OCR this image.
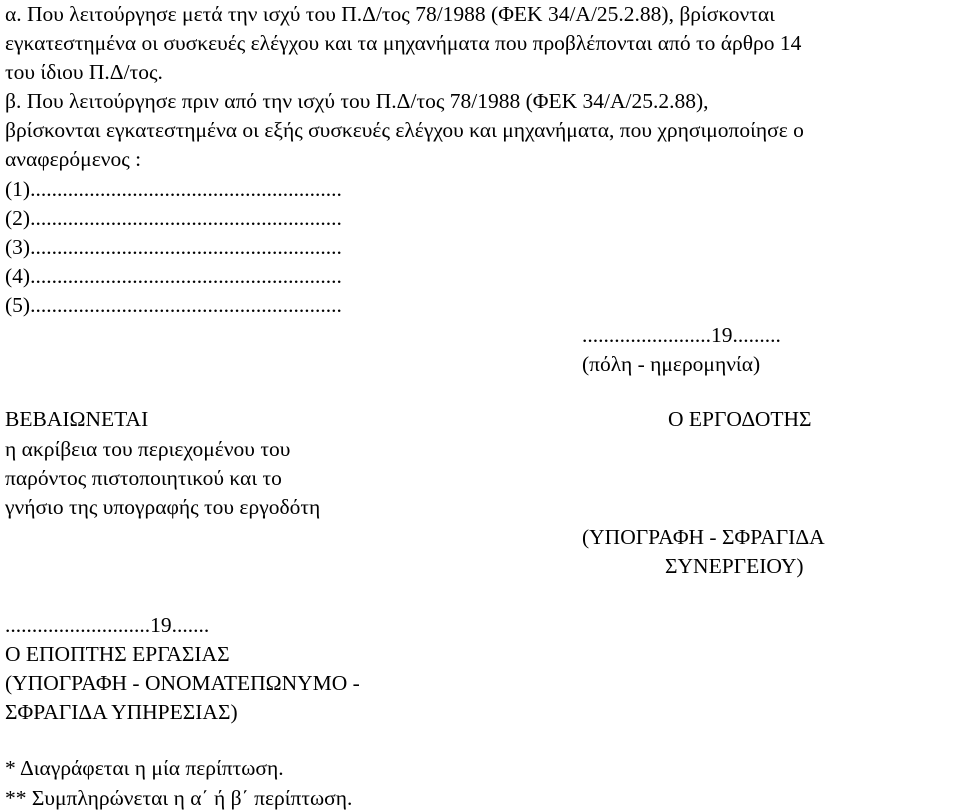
α. Που λειτούργησε μετά την ισχύ του Π.Δ/τος 78/1988 (ΦΕΚ 34/Α/25.2.88), βρίσκονται
εγκατεστημένα οι συσκευές ελέγχου και τα μηχανήματα που προβλέπονται από το άρθρο 14
του ίδιου Π.Δ/τος.
β. Που λειτούργησε πριν από την ισχύ του Π.Δ/τος 78/1988 (ΦΕΚ 34/Α/25.2.88),
βρίσκονται εγκατεστημένα οι εξής συσκευές ελέγχου και μηχανήματα, που χρησιμοποίησε ο
αναφερόμενος :
(1)..........................................................
(2)..........................................................
(3)..........................................................
(4)..........................................................
(5)..........................................................
........................19.........
(πόλη - ημερομηνία)
ΒΕΒΑΙΩΝΕΤΑΙ
η ακρίβεια του περιεχομένου του
παρόντος πιστοποιητικού και το
γνήσιο της υπογραφής του εργοδότη
Ο ΕΡΓΟΔΟΤΗΣ
(ΥΠΟΓΡΑΦΗ - ΣΦΡΑΓΙΔΑ
ΣΥΝΕΡΓΕΙΟΥ)
...........................19.......
Ο ΕΠΟΠΤΗΣ ΕΡΓΑΣΙΑΣ
(ΥΠΟΓΡΑΦΗ - ΟΝΟΜΑΤΕΠΩΝΥΜΟ -
ΣΦΡΑΓΙΔΑ ΥΠΗΡΕΣΙΑΣ)
* Διαγράφεται η μία περίπτωση.
** Συμπληρώνεται η α΄ ή β΄ περίπτωση.
